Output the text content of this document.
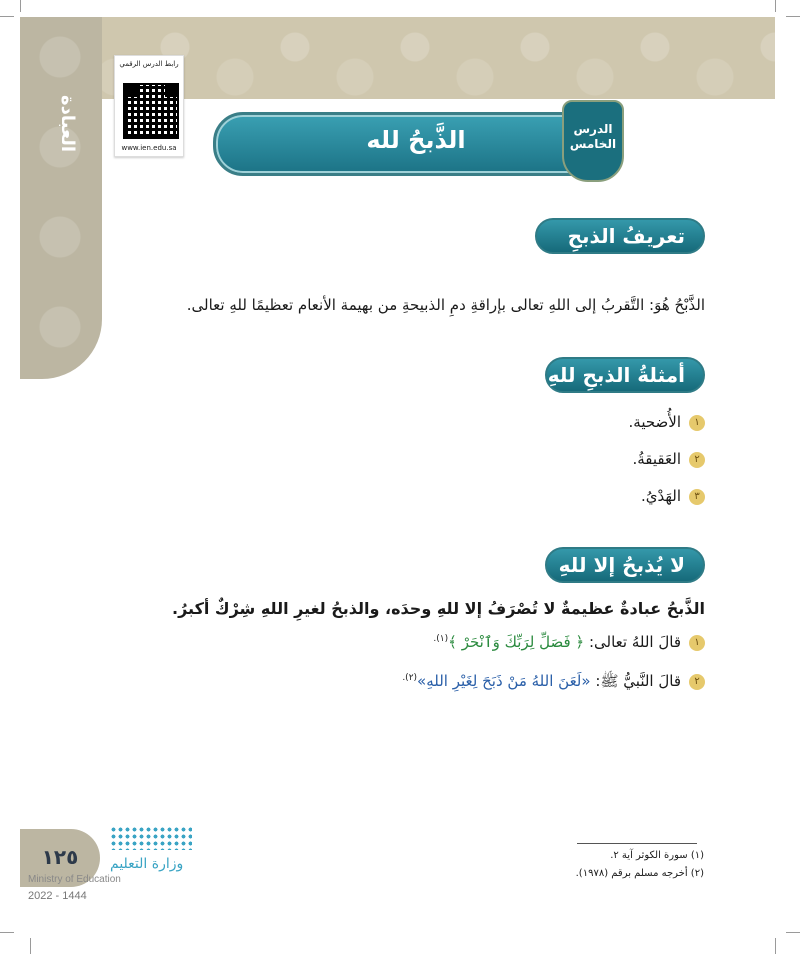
العبادة
رابط الدرس الرقمي
www.ien.edu.sa	الذَّبحُ لله	الدرس
الخامس
تعريفُ الذبحِ للهِ
الذَّبْحُ هُوَ: التَّقربُ إلى اللهِ تعالى بإراقةِ دمِ الذبيحةِ من بهيمة الأنعام تعظيمًا للهِ تعالى.
أمثلةُ الذبحِ للهِ
١الأُضحية.
٢العَقيقةُ.
٣الهَدْيُ.
لا يُذبحُ إلا للهِ
الذَّبحُ عبادةٌ عظيمةٌ لا تُصْرَفُ إلا للهِ وحدَه، والذبحُ لغيرِ اللهِ شِرْكٌ أكبرُ.
١قالَ اللهُ تعالى: ﴿ فَصَلِّ لِرَبِّكَ وَٱنْحَرْ ﴾$^{(١).}$
٢قالَ النَّبيُّ ﷺ: «لَعَنَ اللهُ مَنْ ذَبَحَ لِغَيْرِ اللهِ»$^{(٢).}$
(١) سورة الكوثر آية ٢.
(٢) أخرجه مسلم برقم (١٩٧٨).
١٢٥	وزارة التعليم
Ministry of Education
2022 - 1444
